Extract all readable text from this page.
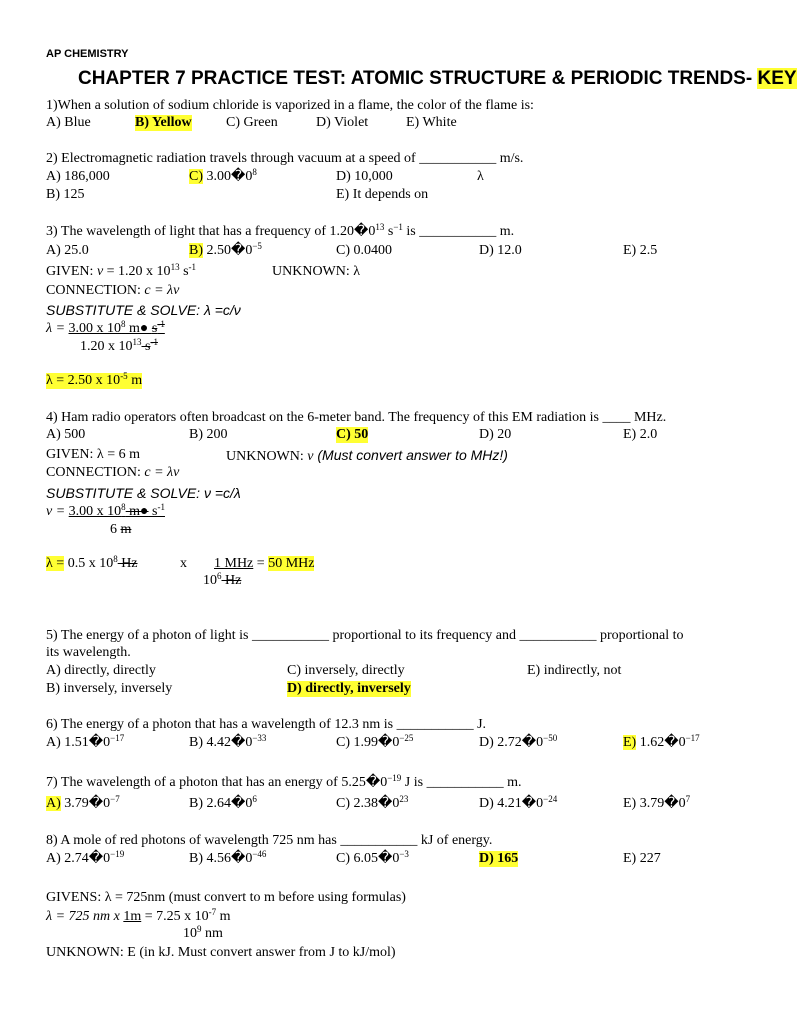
AP CHEMISTRY
CHAPTER 7 PRACTICE TEST: ATOMIC STRUCTURE & PERIODIC TRENDS- KEY
1)When a solution of sodium chloride is vaporized in a flame, the color of the flame is:
A) Blue	B) Yellow C) Green	D) Violet	E) White
2) Electromagnetic radiation travels through vacuum at a speed of ___________ m/s.
A) 186,000	C) $3.00�0^8$	D) 10,000	λ
B) 125	E) It depends on
3) The wavelength of light that has a frequency of $1.20�0^{13}$ $s^{-1}$ is ___________ m.
A) 25.0	B) $2.50�0^{-5}$	C) 0.0400	D) 12.0	E) 2.5
GIVEN: ν = 1.20 x $10^{13}$ $s^{-1}$	UNKNOWN: λ
CONNECTION: c = λν
SUBSTITUTE & SOLVE: λ =c/ν
λ = 3.00 x $10^8$ m● $s^{-1}$
1.20 x $10^{13}$ $s^{-1}$
λ = 2.50 x $10^{-5}$ m
4) Ham radio operators often broadcast on the 6-meter band. The frequency of this EM radiation is ____ MHz.
A) 500	B) 200	C) 50	D) 20	E) 2.0
GIVEN: λ = 6 m	UNKNOWN: ν (Must convert answer to MHz!)
CONNECTION: c = λν
SUBSTITUTE & SOLVE: ν =c/λ
ν = 3.00 x $10^8$ m● $s^{-1}$
6 m
λ = 0.5 x $10^8$ Hz	x	1 MHz = 50 MHz
$10^6$ Hz
5) The energy of a photon of light is ___________ proportional to its frequency and ___________ proportional to
its wavelength.
A) directly, directly	C) inversely, directly	E) indirectly, not
B) inversely, inversely	D) directly, inversely
6) The energy of a photon that has a wavelength of 12.3 nm is ___________ J.
A) $1.51�0^{-17}$	B) $4.42�0^{-33}$	C) $1.99�0^{-25}$	D) $2.72�0^{-50}$	E) $1.62�0^{-17}$
7) The wavelength of a photon that has an energy of $5.25�0^{-19}$ J is ___________ m.
A) $3.79�0^{-7}$	B) $2.64�0^6$	C) $2.38�0^{23}$	D) $4.21�0^{-24}$	E) $3.79�0^7$
8) A mole of red photons of wavelength 725 nm has ___________ kJ of energy.
A) $2.74�0^{-19}$	B) $4.56�0^{-46}$	C) $6.05�0^{-3}$	D) 165	E) 227
GIVENS: λ = 725nm (must convert to m before using formulas)
λ = 725 nm x 1m = 7.25 x $10^{-7}$ m
$10^9$ nm
UNKNOWN: E (in kJ. Must convert answer from J to kJ/mol)
